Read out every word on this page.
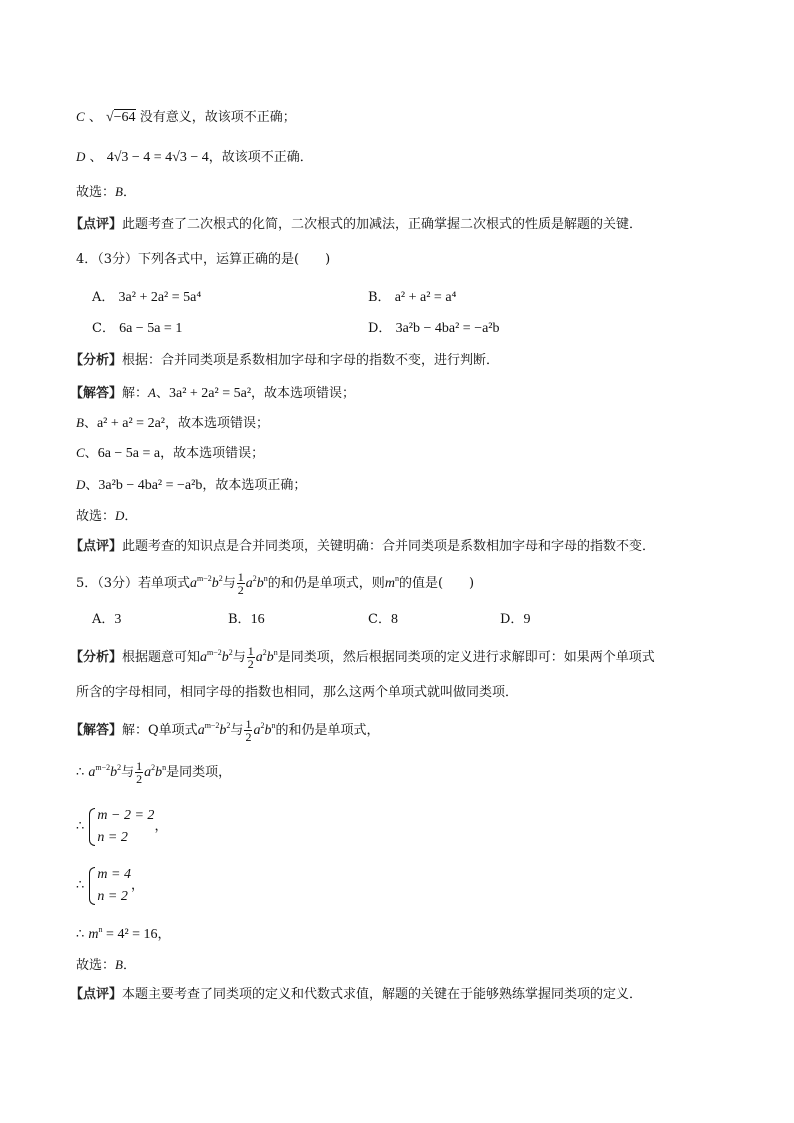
C 、 √−64 没有意义，故该项不正确；
D 、 4√3 − 4 = 4√3 − 4，故该项不正确．
故选：B．
【点评】此题考查了二次根式的化简，二次根式的加减法，正确掌握二次根式的性质是解题的关键．
4．（3分）下列各式中，运算正确的是(　　)
A． 3a² + 2a² = 5a⁴	B． a² + a² = a⁴
C． 6a − 5a = 1	D． 3a²b − 4ba² = −a²b
【分析】根据：合并同类项是系数相加字母和字母的指数不变，进行判断．
【解答】解：A、3a² + 2a² = 5a²，故本选项错误；
B、a² + a² = 2a²，故本选项错误；
C、6a − 5a = a，故本选项错误；
D、3a²b − 4ba² = −a²b，故本选项正确；
故选：D．
【点评】此题考查的知识点是合并同类项，关键明确：合并同类项是系数相加字母和字母的指数不变．
5．（3分）若单项式$a^{m-2}b^2$与 $\frac{1}{2} a^2b^n$的和仍是单项式，则$m^n$的值是(　　)
A．3	B．16	C．8	D．9
【分析】根据题意可知$a^{m-2}b^2$与 $\frac{1}{2} a^2b^n$是同类项，然后根据同类项的定义进行求解即可：如果两个单项式
所含的字母相同，相同字母的指数也相同，那么这两个单项式就叫做同类项．
【解答】解：Q单项式$a^{m-2}b^2$与 $\frac{1}{2} a^2b^n$的和仍是单项式，
∴ $a^{m-2}b^2$与 $\frac{1}{2} a^2b^n$是同类项，
∴
m − 2 = 2
n = 2
，
∴
m = 4
n = 2
，
∴ $m^n = 4^2 = 16$，
故选：B．
【点评】本题主要考查了同类项的定义和代数式求值，解题的关键在于能够熟练掌握同类项的定义．
